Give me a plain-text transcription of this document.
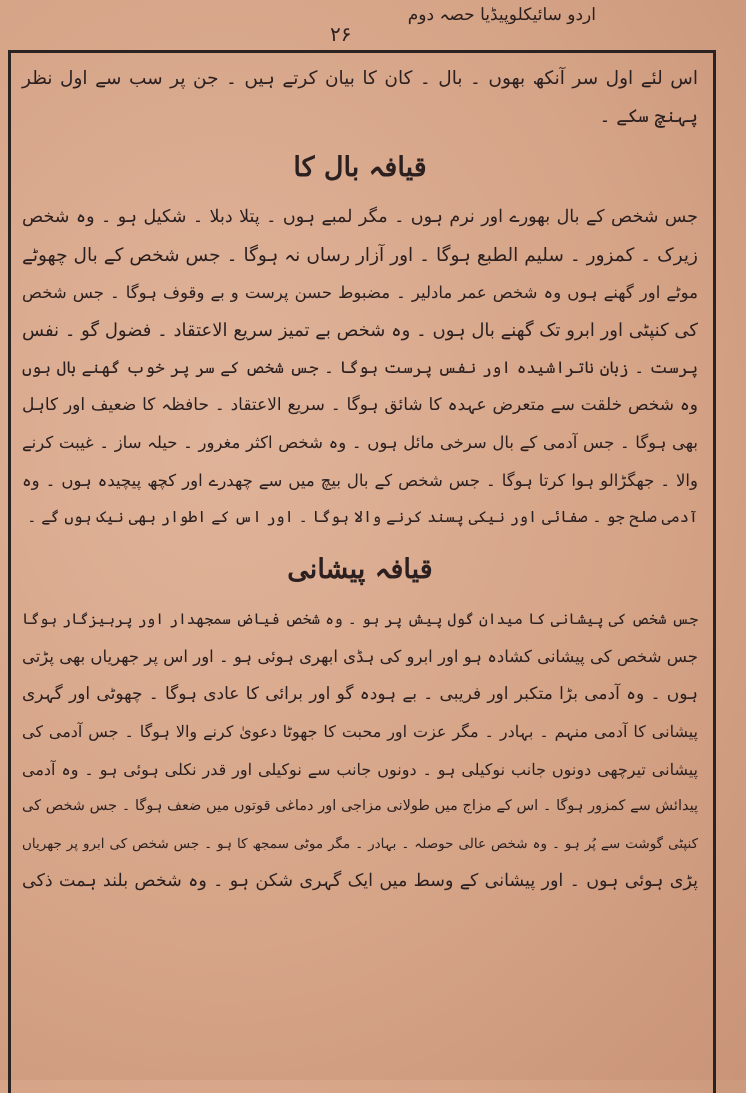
اردو سائیکلوپیڈیا حصہ دوم
۲۶
اس لئے اول سر آنکھ بھوں ۔ بال ۔ کان کا بیان کرتے ہیں ۔ جن پر سب سے اول نظر
پہنچ سکے ۔
قیافہ بال کا
جس شخص کے بال بھورے اور نرم ہوں ۔ مگر لمبے ہوں ۔ پتلا دبلا ۔ شکیل ہو ۔ وہ شخص
زیرک ۔ کمزور ۔ سلیم الطبع ہوگا ۔ اور آزار رساں نہ ہوگا ۔ جس شخص کے بال چھوٹے
موٹے اور گھنے ہوں وہ شخص عمر مادلیر ۔ مضبوط حسن پرست و بے وقوف ہوگا ۔ جس شخص
کی کنپٹی اور ابرو تک گھنے بال ہوں ۔ وہ شخص بے تمیز سریع الاعتقاد ۔ فضول گو ۔ نفس
پرست ۔ زبان ناتراشیدہ اور نفس پرست ہوگا ۔ جس شخص کے سر پر خوب گھنے بال ہوں
وہ شخص خلقت سے متعرض عہدہ کا شائق ہوگا ۔ سریع الاعتقاد ۔ حافظہ کا ضعیف اور کاہل
بھی ہوگا ۔ جس آدمی کے بال سرخی مائل ہوں ۔ وہ شخص اکثر مغرور ۔ حیلہ ساز ۔ غیبت کرنے
والا ۔ جھگڑالو ہوا کرتا ہوگا ۔ جس شخص کے بال بیچ میں سے چھدرے اور کچھ پیچیدہ ہوں ۔ وہ
آدمی صلح جو ۔ صفائی اور نیکی پسند کرنے والا ہوگا ۔ اور اس کے اطوار بھی نیک ہوں گے ۔
قیافہ پیشانی
جس شخص کی پیشانی کا میدان گول پیش پر ہو ۔ وہ شخص فیاض سمجھدار اور پرہیزگار ہوگا
جس شخص کی پیشانی کشادہ ہو اور ابرو کی ہڈی ابھری ہوئی ہو ۔ اور اس پر جھریاں بھی پڑتی
ہوں ۔ وہ آدمی بڑا متکبر اور فریبی ۔ بے ہودہ گو اور برائی کا عادی ہوگا ۔ چھوٹی اور گہری
پیشانی کا آدمی منہم ۔ بہادر ۔ مگر عزت اور محبت کا جھوٹا دعویٰ کرنے والا ہوگا ۔ جس آدمی کی
پیشانی تیرچھی دونوں جانب نوکیلی ہو ۔ دونوں جانب سے نوکیلی اور قدر نکلی ہوئی ہو ۔ وہ آدمی
پیدائش سے کمزور ہوگا ۔ اس کے مزاج میں طولانی مزاجی اور دماغی قوتوں میں ضعف ہوگا ۔ جس شخص کی
کنپٹی گوشت سے پُر ہو ۔ وہ شخص عالی حوصلہ ۔ بہادر ۔ مگر موٹی سمجھ کا ہو ۔ جس شخص کی ابرو پر جھریاں
پڑی ہوئی ہوں ۔ اور پیشانی کے وسط میں ایک گہری شکن ہو ۔ وہ شخص بلند ہمت ذکی
